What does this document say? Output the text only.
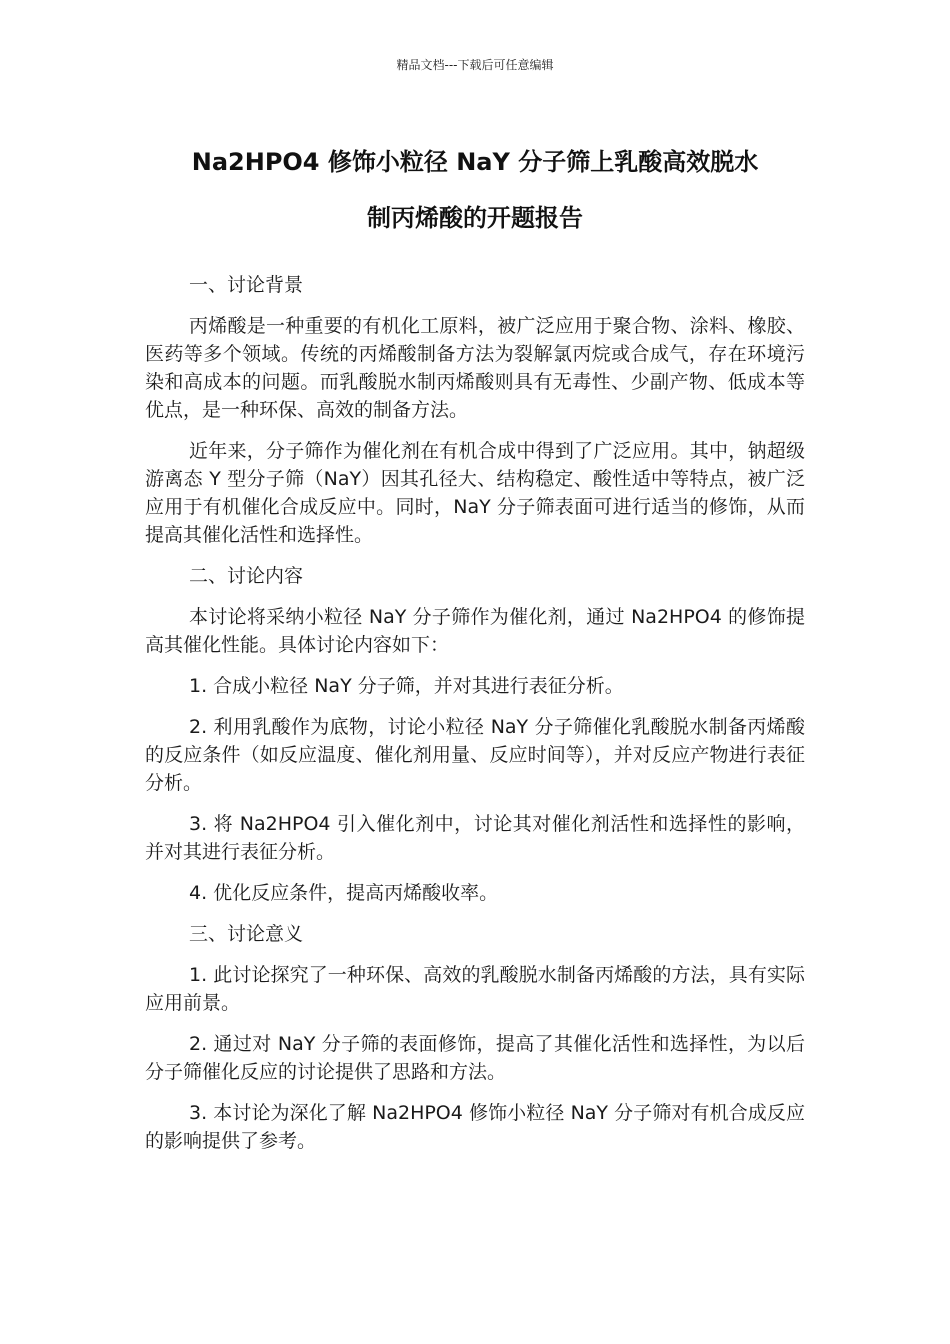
精品文档---下载后可任意编辑
Na2HPO4 修饰小粒径 NaY 分子筛上乳酸高效脱水
制丙烯酸的开题报告

一、讨论背景

丙烯酸是一种重要的有机化工原料，被广泛应用于聚合物、涂料、橡胶、医药等多个领域。传统的丙烯酸制备方法为裂解氯丙烷或合成气，存在环境污染和高成本的问题。而乳酸脱水制丙烯酸则具有无毒性、少副产物、低成本等优点，是一种环保、高效的制备方法。

近年来，分子筛作为催化剂在有机合成中得到了广泛应用。其中，钠超级游离态 Y 型分子筛（NaY）因其孔径大、结构稳定、酸性适中等特点，被广泛应用于有机催化合成反应中。同时，NaY 分子筛表面可进行适当的修饰，从而提高其催化活性和选择性。

二、讨论内容

本讨论将采纳小粒径 NaY 分子筛作为催化剂，通过 Na2HPO4 的修饰提高其催化性能。具体讨论内容如下：

1. 合成小粒径 NaY 分子筛，并对其进行表征分析。

2. 利用乳酸作为底物，讨论小粒径 NaY 分子筛催化乳酸脱水制备丙烯酸的反应条件（如反应温度、催化剂用量、反应时间等），并对反应产物进行表征分析。

3. 将 Na2HPO4 引入催化剂中，讨论其对催化剂活性和选择性的影响，并对其进行表征分析。

4. 优化反应条件，提高丙烯酸收率。

三、讨论意义

1. 此讨论探究了一种环保、高效的乳酸脱水制备丙烯酸的方法，具有实际应用前景。

2. 通过对 NaY 分子筛的表面修饰，提高了其催化活性和选择性，为以后分子筛催化反应的讨论提供了思路和方法。

3. 本讨论为深化了解 Na2HPO4 修饰小粒径 NaY 分子筛对有机合成反应的影响提供了参考。
